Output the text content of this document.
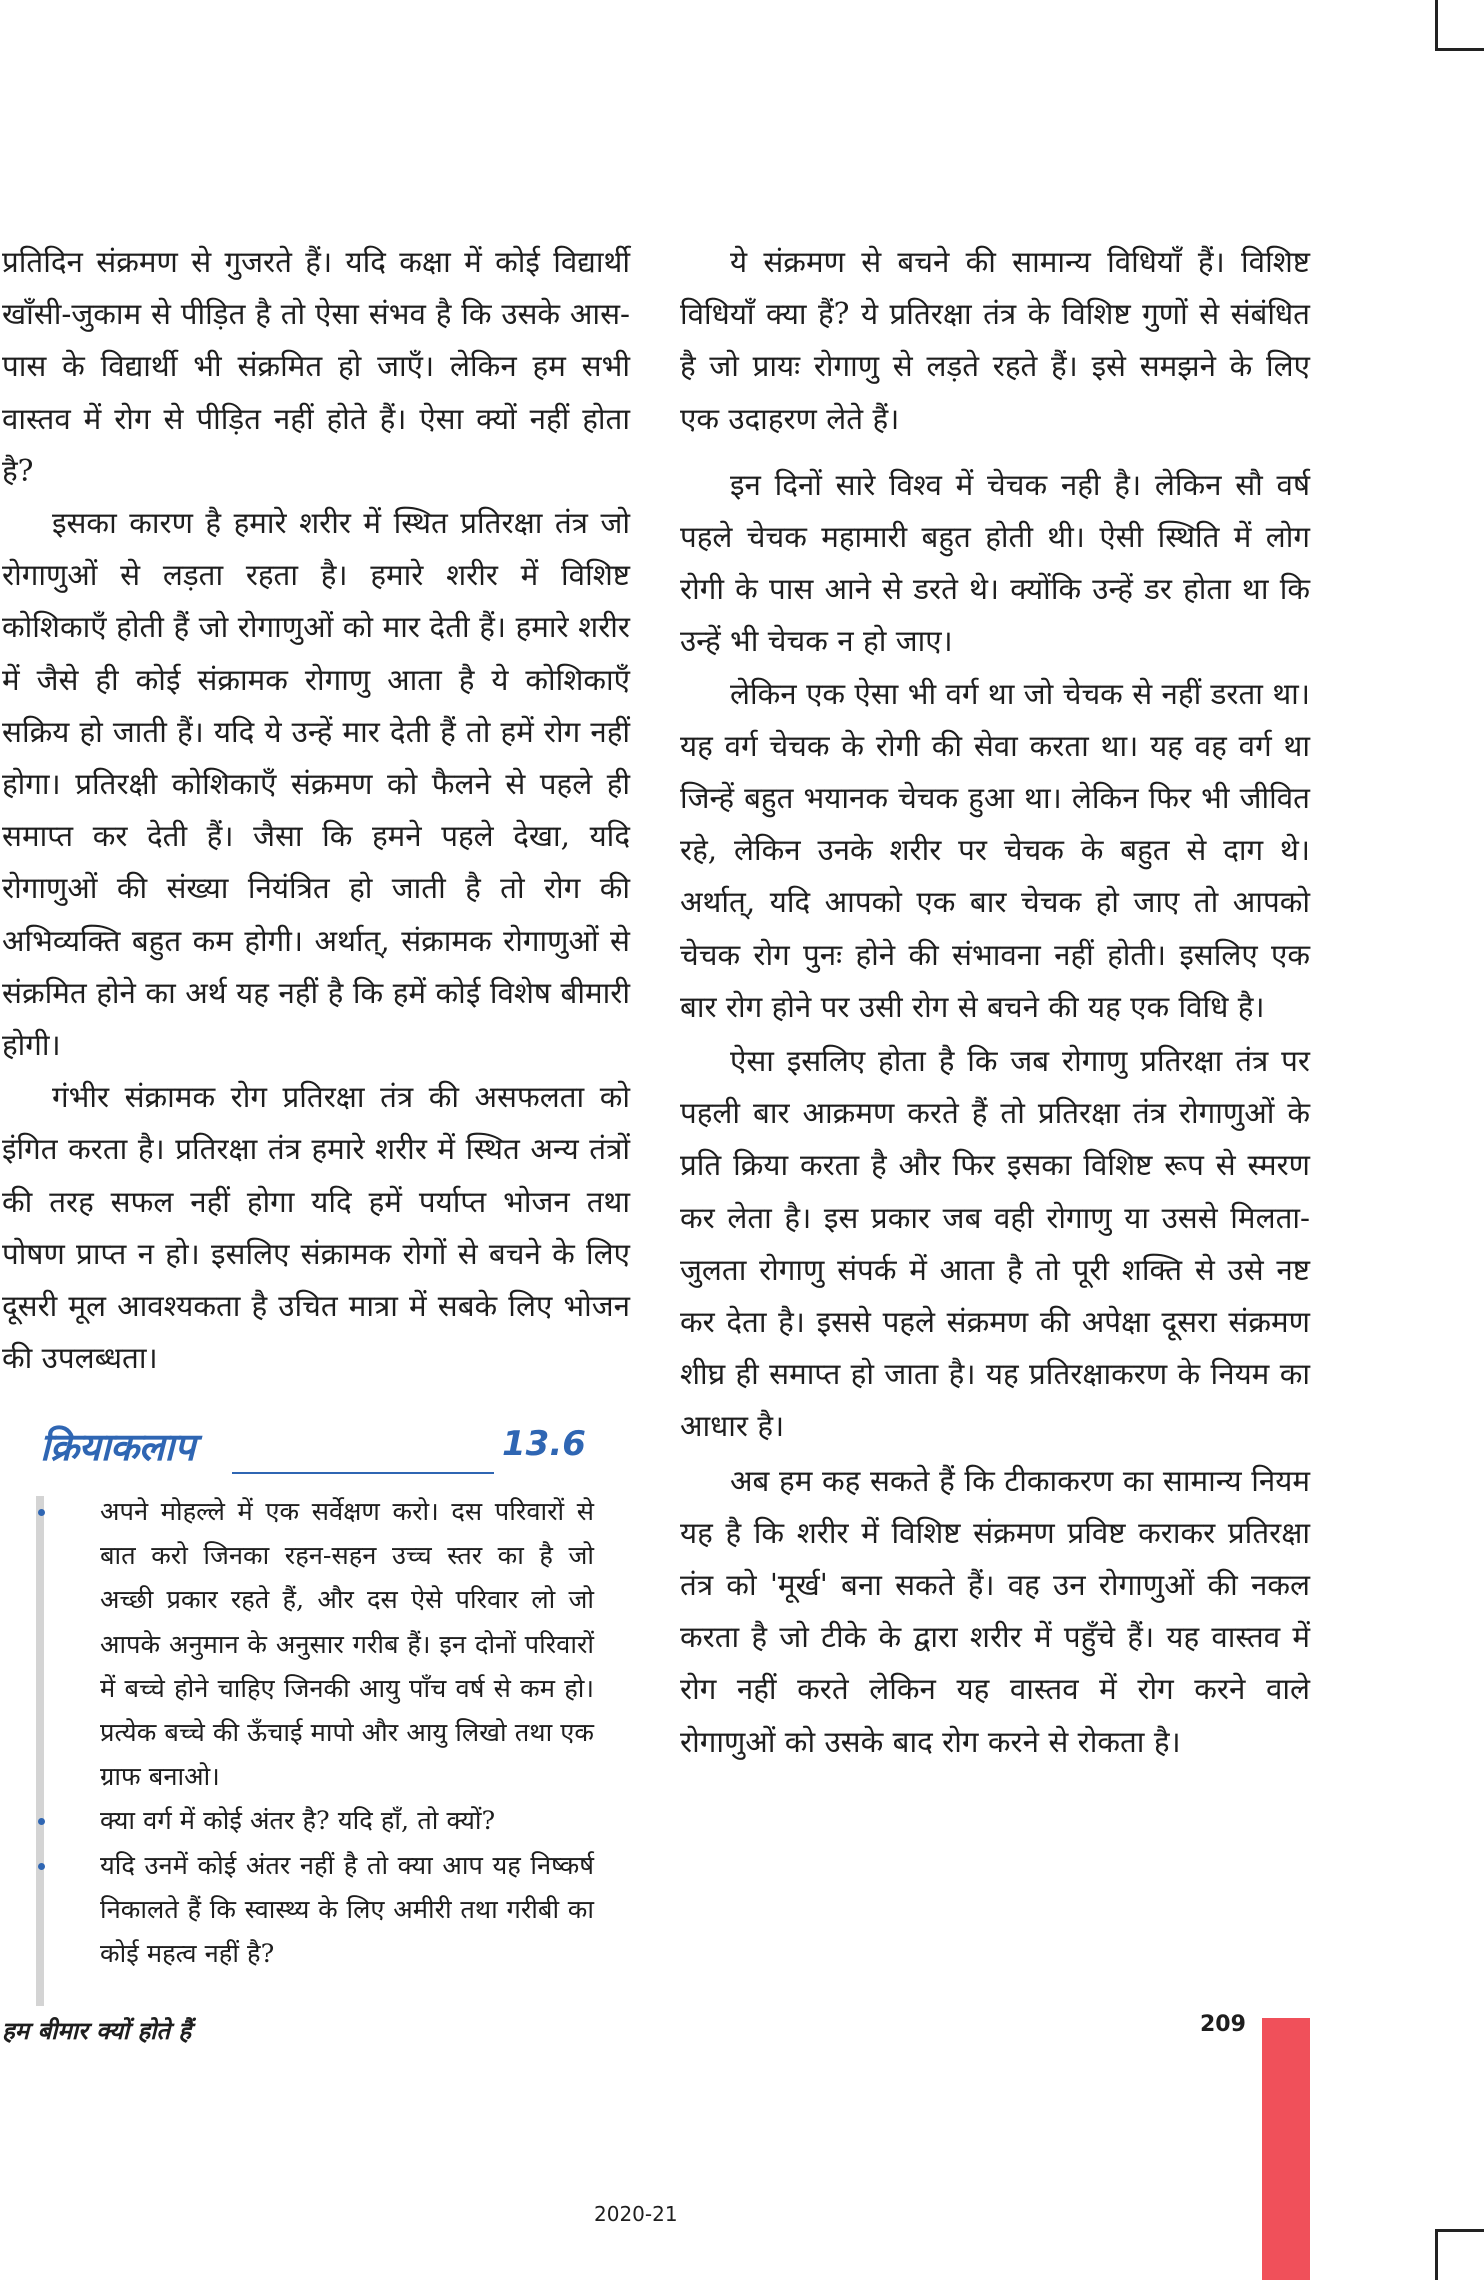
प्रतिदिन संक्रमण से गुजरते हैं। यदि कक्षा में कोई विद्यार्थी खाँसी-जुकाम से पीड़ित है तो ऐसा संभव है कि उसके आस-पास के विद्यार्थी भी संक्रमित हो जाएँ। लेकिन हम सभी वास्तव में रोग से पीड़ित नहीं होते हैं। ऐसा क्यों नहीं होता है?

इसका कारण है हमारे शरीर में स्थित प्रतिरक्षा तंत्र जो रोगाणुओं से लड़ता रहता है। हमारे शरीर में विशिष्ट कोशिकाएँ होती हैं जो रोगाणुओं को मार देती हैं। हमारे शरीर में जैसे ही कोई संक्रामक रोगाणु आता है ये कोशिकाएँ सक्रिय हो जाती हैं। यदि ये उन्हें मार देती हैं तो हमें रोग नहीं होगा। प्रतिरक्षी कोशिकाएँ संक्रमण को फैलने से पहले ही समाप्त कर देती हैं। जैसा कि हमने पहले देखा, यदि रोगाणुओं की संख्या नियंत्रित हो जाती है तो रोग की अभिव्यक्ति बहुत कम होगी। अर्थात्, संक्रामक रोगाणुओं से संक्रमित होने का अर्थ यह नहीं है कि हमें कोई विशेष बीमारी होगी।

गंभीर संक्रामक रोग प्रतिरक्षा तंत्र की असफलता को इंगित करता है। प्रतिरक्षा तंत्र हमारे शरीर में स्थित अन्य तंत्रों की तरह सफल नहीं होगा यदि हमें पर्याप्त भोजन तथा पोषण प्राप्त न हो। इसलिए संक्रामक रोगों से बचने के लिए दूसरी मूल आवश्यकता है उचित मात्रा में सबके लिए भोजन की उपलब्धता।

क्रियाकलाप	13.6
अपने मोहल्ले में एक सर्वेक्षण करो। दस परिवारों से बात करो जिनका रहन-सहन उच्च स्तर का है जो अच्छी प्रकार रहते हैं, और दस ऐसे परिवार लो जो आपके अनुमान के अनुसार गरीब हैं। इन दोनों परिवारों में बच्चे होने चाहिए जिनकी आयु पाँच वर्ष से कम हो। प्रत्येक बच्चे की ऊँचाई मापो और आयु लिखो तथा एक ग्राफ बनाओ।
क्या वर्ग में कोई अंतर है? यदि हाँ, तो क्यों?
यदि उनमें कोई अंतर नहीं है तो क्या आप यह निष्कर्ष निकालते हैं कि स्वास्थ्य के लिए अमीरी तथा गरीबी का कोई महत्व नहीं है?

ये संक्रमण से बचने की सामान्य विधियाँ हैं। विशिष्ट विधियाँ क्या हैं? ये प्रतिरक्षा तंत्र के विशिष्ट गुणों से संबंधित है जो प्रायः रोगाणु से लड़ते रहते हैं। इसे समझने के लिए एक उदाहरण लेते हैं।

इन दिनों सारे विश्व में चेचक नही है। लेकिन सौ वर्ष पहले चेचक महामारी बहुत होती थी। ऐसी स्थिति में लोग रोगी के पास आने से डरते थे। क्योंकि उन्हें डर होता था कि उन्हें भी चेचक न हो जाए।

लेकिन एक ऐसा भी वर्ग था जो चेचक से नहीं डरता था। यह वर्ग चेचक के रोगी की सेवा करता था। यह वह वर्ग था जिन्हें बहुत भयानक चेचक हुआ था। लेकिन फिर भी जीवित रहे, लेकिन उनके शरीर पर चेचक के बहुत से दाग थे। अर्थात्, यदि आपको एक बार चेचक हो जाए तो आपको चेचक रोग पुनः होने की संभावना नहीं होती। इसलिए एक बार रोग होने पर उसी रोग से बचने की यह एक विधि है।

ऐसा इसलिए होता है कि जब रोगाणु प्रतिरक्षा तंत्र पर पहली बार आक्रमण करते हैं तो प्रतिरक्षा तंत्र रोगाणुओं के प्रति क्रिया करता है और फिर इसका विशिष्ट रूप से स्मरण कर लेता है। इस प्रकार जब वही रोगाणु या उससे मिलता-जुलता रोगाणु संपर्क में आता है तो पूरी शक्ति से उसे नष्ट कर देता है। इससे पहले संक्रमण की अपेक्षा दूसरा संक्रमण शीघ्र ही समाप्त हो जाता है। यह प्रतिरक्षाकरण के नियम का आधार है।

अब हम कह सकते हैं कि टीकाकरण का सामान्य नियम यह है कि शरीर में विशिष्ट संक्रमण प्रविष्ट कराकर प्रतिरक्षा तंत्र को 'मूर्ख' बना सकते हैं। वह उन रोगाणुओं की नकल करता है जो टीके के द्वारा शरीर में पहुँचे हैं। यह वास्तव में रोग नहीं करते लेकिन यह वास्तव में रोग करने वाले रोगाणुओं को उसके बाद रोग करने से रोकता है।

हम बीमार क्यों होते हैं	209
2020-21
